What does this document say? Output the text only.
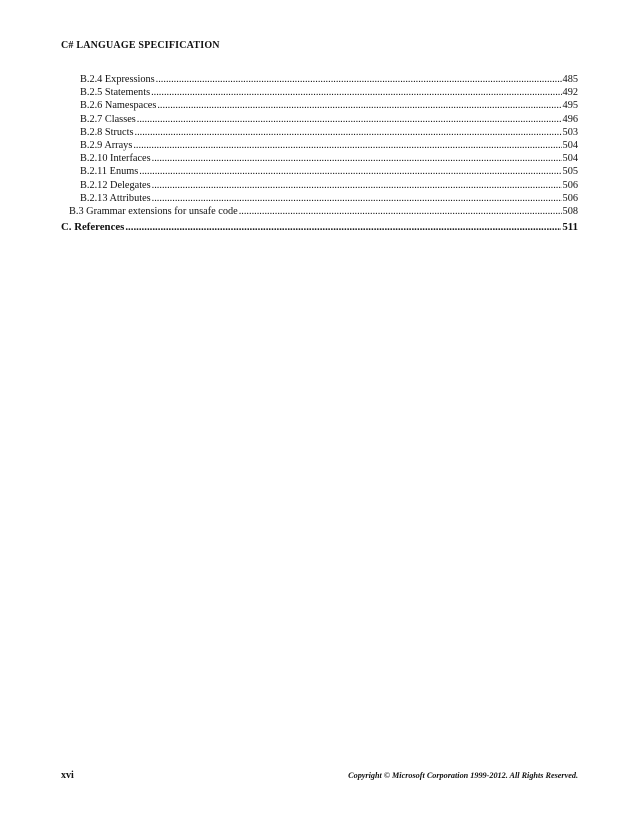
C# LANGUAGE SPECIFICATION
B.2.4 Expressions .....	485
B.2.5 Statements .....	492
B.2.6 Namespaces .....	495
B.2.7 Classes .....	496
B.2.8 Structs .....	503
B.2.9 Arrays .....	504
B.2.10 Interfaces .....	504
B.2.11 Enums .....	505
B.2.12 Delegates .....	506
B.2.13 Attributes .....	506
B.3 Grammar extensions for unsafe code .....	508
C. References .....	511
xvi	Copyright © Microsoft Corporation 1999-2012. All Rights Reserved.
